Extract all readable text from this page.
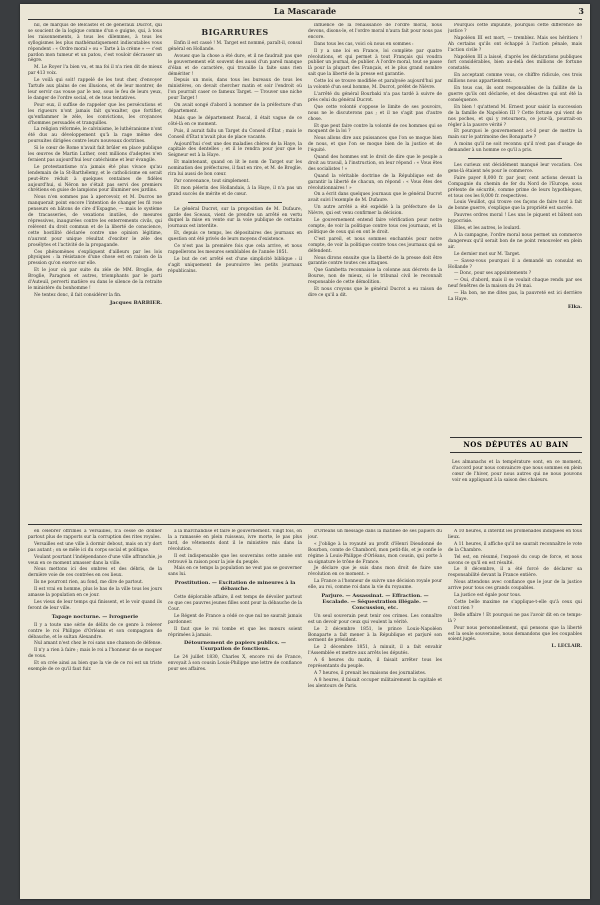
La Mascarade	3

nil, de marquis de Belcastel et de généraux Ducrot, qui se soucient de la logique comme d'un e guigne, qui, à tous les raisonnements, à tous les dilemmes, à tous les syllogismes les plus mathématiquement indiscutables vous répondent : « Ordre moral » ou « Tarte à la crème » — c'est pardon mon tumeur et un patou, c'est vouloir décrasser un nègre.

M. Le Royer l'a bien vu, et ma foi il n'a rien dit de mieux par 413 voix.

Le voilà qui soit! rappelé de les tout cher, d'envoyer Tartufe aux plains de ces illusions, et de leur montrer, de leur servir cas vouse par le nez, sous le feu de leurs yeux, le danger de l'ordre social, et de tous tentatives.

Pour eux, il suffise de rappeler que les persécutions et les rigueurs n'ont jamais fait qu'exalter, que fortifier, qu'enflammer le zèle, les convictions, les croyances d'hommes persuadés et tranquilles.

La religion réformée, le calvinisme, le luthéranisme n'ont été dus au développement qu'à la rage même des poursuites dirigées contre leurs nouveaux doctrines.

Si le cœur de Rome n'avait fait brûler en place publique les œuvres de Martin Luther, cent millions d'adeptes n'en feraient pas aujourd'hui leur catéchisme et leur évangile.

Le protestantisme n'a jamais été plus vivace qu'au lendemain de la St-Barthélemy, et le catholicisme en serait peut-être réduit à quelques centaines de fidèles aujourd'hui, si Néron ne s'était pas servi des premiers chrétiens en guise de lampions pour illuminer ses jardins.

Nous n'en sommes pas à apercevoir, et M. Ducros ne manquerait point encore l'intention de changer les fil rose penseurs en bâtons de cire d'Espagne, — mais le système de tracasseries, de vexations inutiles, de mesures répressives, inaugurées contre les enterrements civils, qui relèvent du droit commun et de la liberté de conscience, cette hostilité déclarée contre une opinion légitime, n'auront pour unique résultat d'exciter le zèle des prosélytes et l'activité de la propagande.

Ces phénomènes s'expliquent d'ailleurs par les lois physiques : la résistance d'une chose est en raison de la pression qu'on exerce sur elle.

Et le jour où par suite du zèle de MM. Broglie, de Broglie, Paragnon et autres, triomphants par le parti d'Auteuil, perverti matière ou dans le silence de la retraite le ministère du bonhomme !

Ne tentez donc, il fait considérer la fin.

Jacques BARBIER.
BIGARRURES

Enfin il est cassé ! M. Target est nommé, paraît-il, consul général en Hollande.

Avouez que la chose a été dure, et il ne faudrait pas que le gouvernement eût souvent des aussi d'un pareil manque d'élan et de caractère, qui travaille la faite sans rien démériter !

Depuis un mois, dans tous les bureaux de tous les ministères, on devait chercher matin et soir l'endroit où l'on pourrait caser ce fameux Target. — Trouver une niche pour Target !

On avait songé d'abord à nommer de la préfecture d'un département.

Mais que le département Pascal, il était vague de ce côté-là en ce moment.

Puis, il aurait fallu un Target du Conseil d'État ; mais le Conseil d'État n'avait plus de place vacante.

Aujourd'hui c'est une des maladies chères de la Haye, la capitale des dentelles ; et il le rendra pour jour que le Seigneur est à la Haye.

Et maintenant, quand on lit le nom de Target sur les nomination des préfectures, il faut en rire, et M. de Broglie, rira lui aussi de bon cœur.

Par convenance, tout simplement.

Et mon pèlerin des Hollandais, à la Haye, il n'a pas un grand succès de mérite et de cœur.

Le général Ducrot, sur la proposition de M. Dufaure, garde des Sceaux, vient de prendre un arrêté en vertu duquel la mise en vente sur la voie publique de certains journaux est interdite.

Et, depuis ce temps, les dépositaires des journaux en question ont été privés de leurs moyens d'existence.

Ce n'est pas la première fois que cela arrive, et nous rappellerons les mesures semblables de l'année 1851.

Le but de cet arrêté est d'une simplicité biblique : il s'agit uniquement de poursuivre les petits journaux républicains.

influence de la renaissance de l'ordre moral, nous devons, disons-le, et l'ordre moral n'aura fait pour nous pas encore.

Dans tous les cas, voici où nous en sommes :

Il y a une loi en France, loi complète par quatre révolutions, et qui permet à tout Français qui voudra publier un journal, de publier. A l'ordre moral, tout se passe là pour la plupart des Français, et le plus grand nombre sait que la liberté de la presse est garantie.

Cette loi se trouve modifiée et paralysée aujourd'hui par la volonté d'un seul homme, M. Ducrot, préfet de Nièvre.

L'arrêté du général Bourbaki n'a pas tardé à suivre de près celui du général Ducrot.

Que cette volonté s'oppose le limite de ses pouvoirs, nous ne le discuterons pas ; et il ne s'agit pas d'autre chose.

Et que peut faire contre la volonté de ces hommes qui se moquent de la loi ?

Nous allons dire aux puissances que l'on se moque bien de nous, et que l'on se moque bien de la justice et de l'équité.

Quand des hommes ont le droit de dire que le peuple a droit au travail, à l'instruction, on leur répond : « Vous êtes des socialistes ! »

Quand la véritable doctrine de la République est de garantir la liberté de chacun, on répond : « Vous êtes des révolutionnaires ! »

On a écrit dans quelques journaux que le général Ducrot avait suivi l'exemple de M. Dufaure.

Un autre arrêté a été expédié à la préfecture de la Nièvre, qui est venu confirmer la décision.

Le gouvernement entend faire vérification pour notre compte, de voir la politique contre tous ces journaux, et la politique de ceux qui en ont le droit.

C'est pareil, et nous sommes enchantés pour notre compte, de voir la politique contre tous ces journaux qui se défendent.

Nous dirons ensuite que la liberté de la presse doit être garantie contre toutes ces attaques.

Que Gambetta reconnaisse la colonne aux décrets de la Bourse, non de mieux, si le tribunal civil le reconnaît responsable de cette démolition.

Et nous croyons que le général Ducrot a eu raison de dire ce qu'il a dit.

Pourquoi cette impunité, pourquoi cette différence de justice ?

Napoléon III est mort, — tremblez. Mais ses héritiers ! Ah certains qu'ils ont échappé à l'action pénale, mais l'action civile ?

Napoléon III a laissé, d'après les déclarations publiques fort considérables, bien au-delà des millions de fortune constatés.

En acceptant comme vous, ce chiffre ridicule, ces trois millions nous appartiennent.

En tous cas, ils sont responsables de la faillite de la guerre qu'ils ont déclarée, et des désastres qui ont été la conséquence.

En bien ! qu'attend M. Ernest pour saisir la succession de la famille de Napoléon III ? Cette fortune qui vient de nos poches, et qui y retournera, ce jour-là, pourrait-on régler à la pauvre vérité ?

Et pourquoi le gouvernement a-t-il peur de mettre la main sur le patrimoine des Bonaparte ?

A moins qu'il ne soit reconnu qu'il n'est pas d'usage de demander à un homme ce qu'il a pris.

Les curieux ont décidément manqué leur vocation. Ces gens-là étaient nés pour le commerce.

Faire payer 8,000 fr. par jour, cent actions devant la Compagnie du chemin de fer du Nord de l'Europe, sous prétexte de sécurité, comme prime de leurs hypothèques, et tous ces les 8,000 fr. respectives.

Louis Veuillot, qui trouve ces façons de faire tout à fait de bonne guerre, s'explique que la propriété est sacrée.

Pauvres ordres moral ! Les uns le piquent et bâtent son hypocrisie.

Elles, et les autres, le loulard.

A la campagne, l'ordre moral nous permet un commerce dangereux qu'il serait bon de ne point renouveler en plein air.

Le dernier mot sur M. Target.

— Savez-vous pourquoi il a demandé un consulat en Hollande ?

— Donc, pour ses appointements ?

— Oui, d'abord, mais il se voulait chaque rendu par ses neuf fenêtres de la maison du 24 mai.

— Ha bon, ne me dites pas, la pauvreté est ici derrière La Haye.

Elka.
NOS DÉPUTÉS AU BAIN

Les almanachs et la température sont, en ce moment, d'accord pour nous convaincre que nous sommes en plein cœur de l'hiver, pour nous autres qui ne nous pouvons voir en appliquant à la saison des chaleurs.

en célébrer offrimes à Versailles, n'a cessé de donner partout plus de rapports sur la corruption des rites royales.

Versailles est une ville à dormir debout, mais on n'y dort pas autant ; on se mêle ici du corps social et politique.

Voulant pourtant l'indépendance d'une ville affranchie, je veux en ce moment amasser dans la ville.

Nous mettons ici des ombres et des débris, de la dernière voie de ces contrées en ces lieux.

Ils ne pourront rien, au fond, me dire de partout.

Il est vrai en homme, plus le bas de la ville tous les jours amasse la population en ce jour.

Les vieux de leur temps qui finissent, et le voir quand ils feront de leur ville.

Tapage nocturne. — Ivrognerie

Il y a toute une série de délits de ce genre à relever contre le roi Philippe d'Orléans et son compagnon de débauche, et le sultan Alexandre.

Nul amant n'est chez le roi sans une chanson de défense.

Il n'y a rien à faire ; mais le roi a l'honneur de se moquer de vous.

Et on crée ainsi au bien que la vie de ce roi est un triste exemple de ce qu'il faut fuir.

à la marchandise et faire le gouvernement. Vingt fois, on la a ramassée en plein ruisseau, ivre morte, le pas plus tard, de vêtements dont il le ministère mis dans la révolution.

Il est indispensable que les souverains cette année ont retrouvé la raison pour la joie du peuple.

Mais en ce temps la population ne veut pas se gouverner sans lui.

Prostitution. — Excitation de mineures à la débauche.

Cette déplorable affaire, il est temps de dévoiler partout ce que ces pauvres jeunes filles sont pour la débauche de la Cour.

Le Régent de France a cédé ce que nul ne saurait jamais pardonner.

Il faut que le roi tombe et que les mœurs soient réprimées à jamais.

Détournement de papiers publics. — Usurpation de fonctions.

Le 24 juillet 1830, Charles X, encore roi de France, envoyait à son cousin Louis-Philippe une lettre de confiance pour ses affaires.

d'Orléans un message dans la matinée de ses papiers du jour.

« J'oblige à la royauté au profit d'Henri Dieudonné de Bourbon, comte de Chambord, mon petit-fils, et je confie le régime à Louis-Philippe d'Orléans, mon cousin, qui porte à sa signature le trône de France.

Je déclare que je suis dans mon droit de faire une révolution en ce moment. »

La France a l'honneur de suivre une décision royale pour elle, au roi, comme roi dans la vie du royaume.

Parjure. — Assassinat. — Effraction. — Escalade. — Séquestration illégale. — Concussion, etc.

Un seul souverain peut tenir ces crimes. Les connaître est un devoir pour ceux qui veulent la vérité.

Le 2 décembre 1851, le prince Louis-Napoléon Bonaparte a fait mener à la République et parjuré son serment de président.

Le 2 décembre 1851, à minuit, il a fait envahir l'Assemblée et mettre aux arrêts les députés.

A 6 heures du matin, il faisait arrêter tous les représentants du peuple.

A 7 heures, il prenait les maisons des journalistes.

A 8 heures, il faisait occuper militairement la capitale et les alentours de Paris.

A 10 heures, il interdit les promenades indiquées en tous lieux.

A 11 heures, il affiche qu'il ne saurait reconnaître le vote de la Chambre.

Tel est, en résumé, l'exposé du coup de force, et nous savons ce qu'il en est résulté.

Le 8 décembre, il a été forcé de déclarer sa responsabilité devant la France entière.

Nous attendons avec confiance que le jour de la justice arrive pour tous ces grands coupables.

La justice est égale pour tous.

Cette belle maxime ne s'applique-t-elle qu'à ceux qui n'ont rien ?

Belle affaire ! Et pourquoi ne pas l'avoir dit en ce temps-là ?

Pour nous personnellement, qui pensons que la liberté est la seule souveraine, nous demandons que les coupables soient jugés.

L. LECLAIR.
